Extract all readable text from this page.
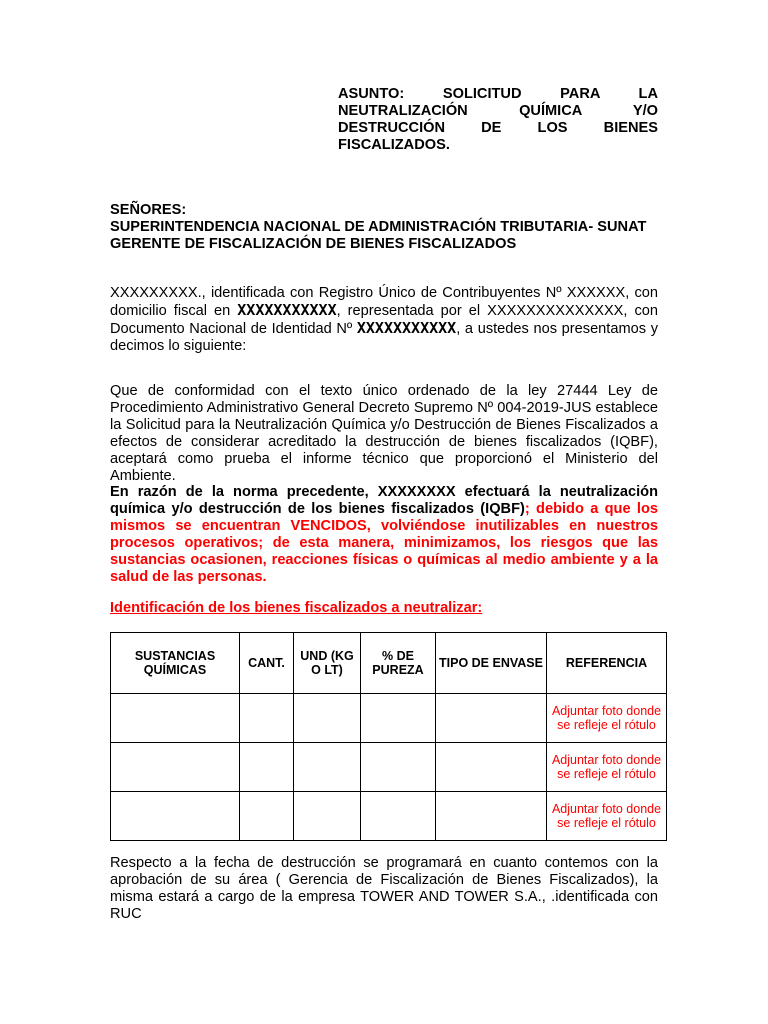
ASUNTO: SOLICITUD PARA LA NEUTRALIZACIÓN QUÍMICA Y/O DESTRUCCIÓN DE LOS BIENES FISCALIZADOS.
SEÑORES:
SUPERINTENDENCIA NACIONAL DE ADMINISTRACIÓN TRIBUTARIA- SUNAT
GERENTE DE FISCALIZACIÓN DE BIENES FISCALIZADOS
XXXXXXXXX., identificada con Registro Único de Contribuyentes Nº XXXXXX, con domicilio fiscal en XXXXXXXXXXX, representada por el XXXXXXXXXXXXXX, con Documento Nacional de Identidad Nº XXXXXXXXXXX, a ustedes nos presentamos y decimos lo siguiente:
Que de conformidad con el texto único ordenado de la ley 27444 Ley de Procedimiento Administrativo General Decreto Supremo Nº 004-2019-JUS establece la Solicitud para la Neutralización Química y/o Destrucción de Bienes Fiscalizados a efectos de considerar acreditado la destrucción de bienes fiscalizados (IQBF), aceptará como prueba el informe técnico que proporcionó el Ministerio del Ambiente.
En razón de la norma precedente, XXXXXXXX efectuará la neutralización química y/o destrucción de los bienes fiscalizados (IQBF); debido a que los mismos se encuentran VENCIDOS, volviéndose inutilizables en nuestros procesos operativos; de esta manera, minimizamos, los riesgos que las sustancias ocasionen, reacciones físicas o químicas al medio ambiente y a la salud de las personas.
Identificación de los bienes fiscalizados a neutralizar:
SUSTANCIAS QUÍMICAS	CANT.	UND (KG O LT)	% DE PUREZA	TIPO DE ENVASE	REFERENCIA
					Adjuntar foto donde se refleje el rótulo
					Adjuntar foto donde se refleje el rótulo
					Adjuntar foto donde se refleje el rótulo
Respecto a la fecha de destrucción se programará en cuanto contemos con la aprobación de su área ( Gerencia de Fiscalización de Bienes Fiscalizados), la misma estará a cargo de la empresa TOWER AND TOWER S.A., .identificada con RUC
